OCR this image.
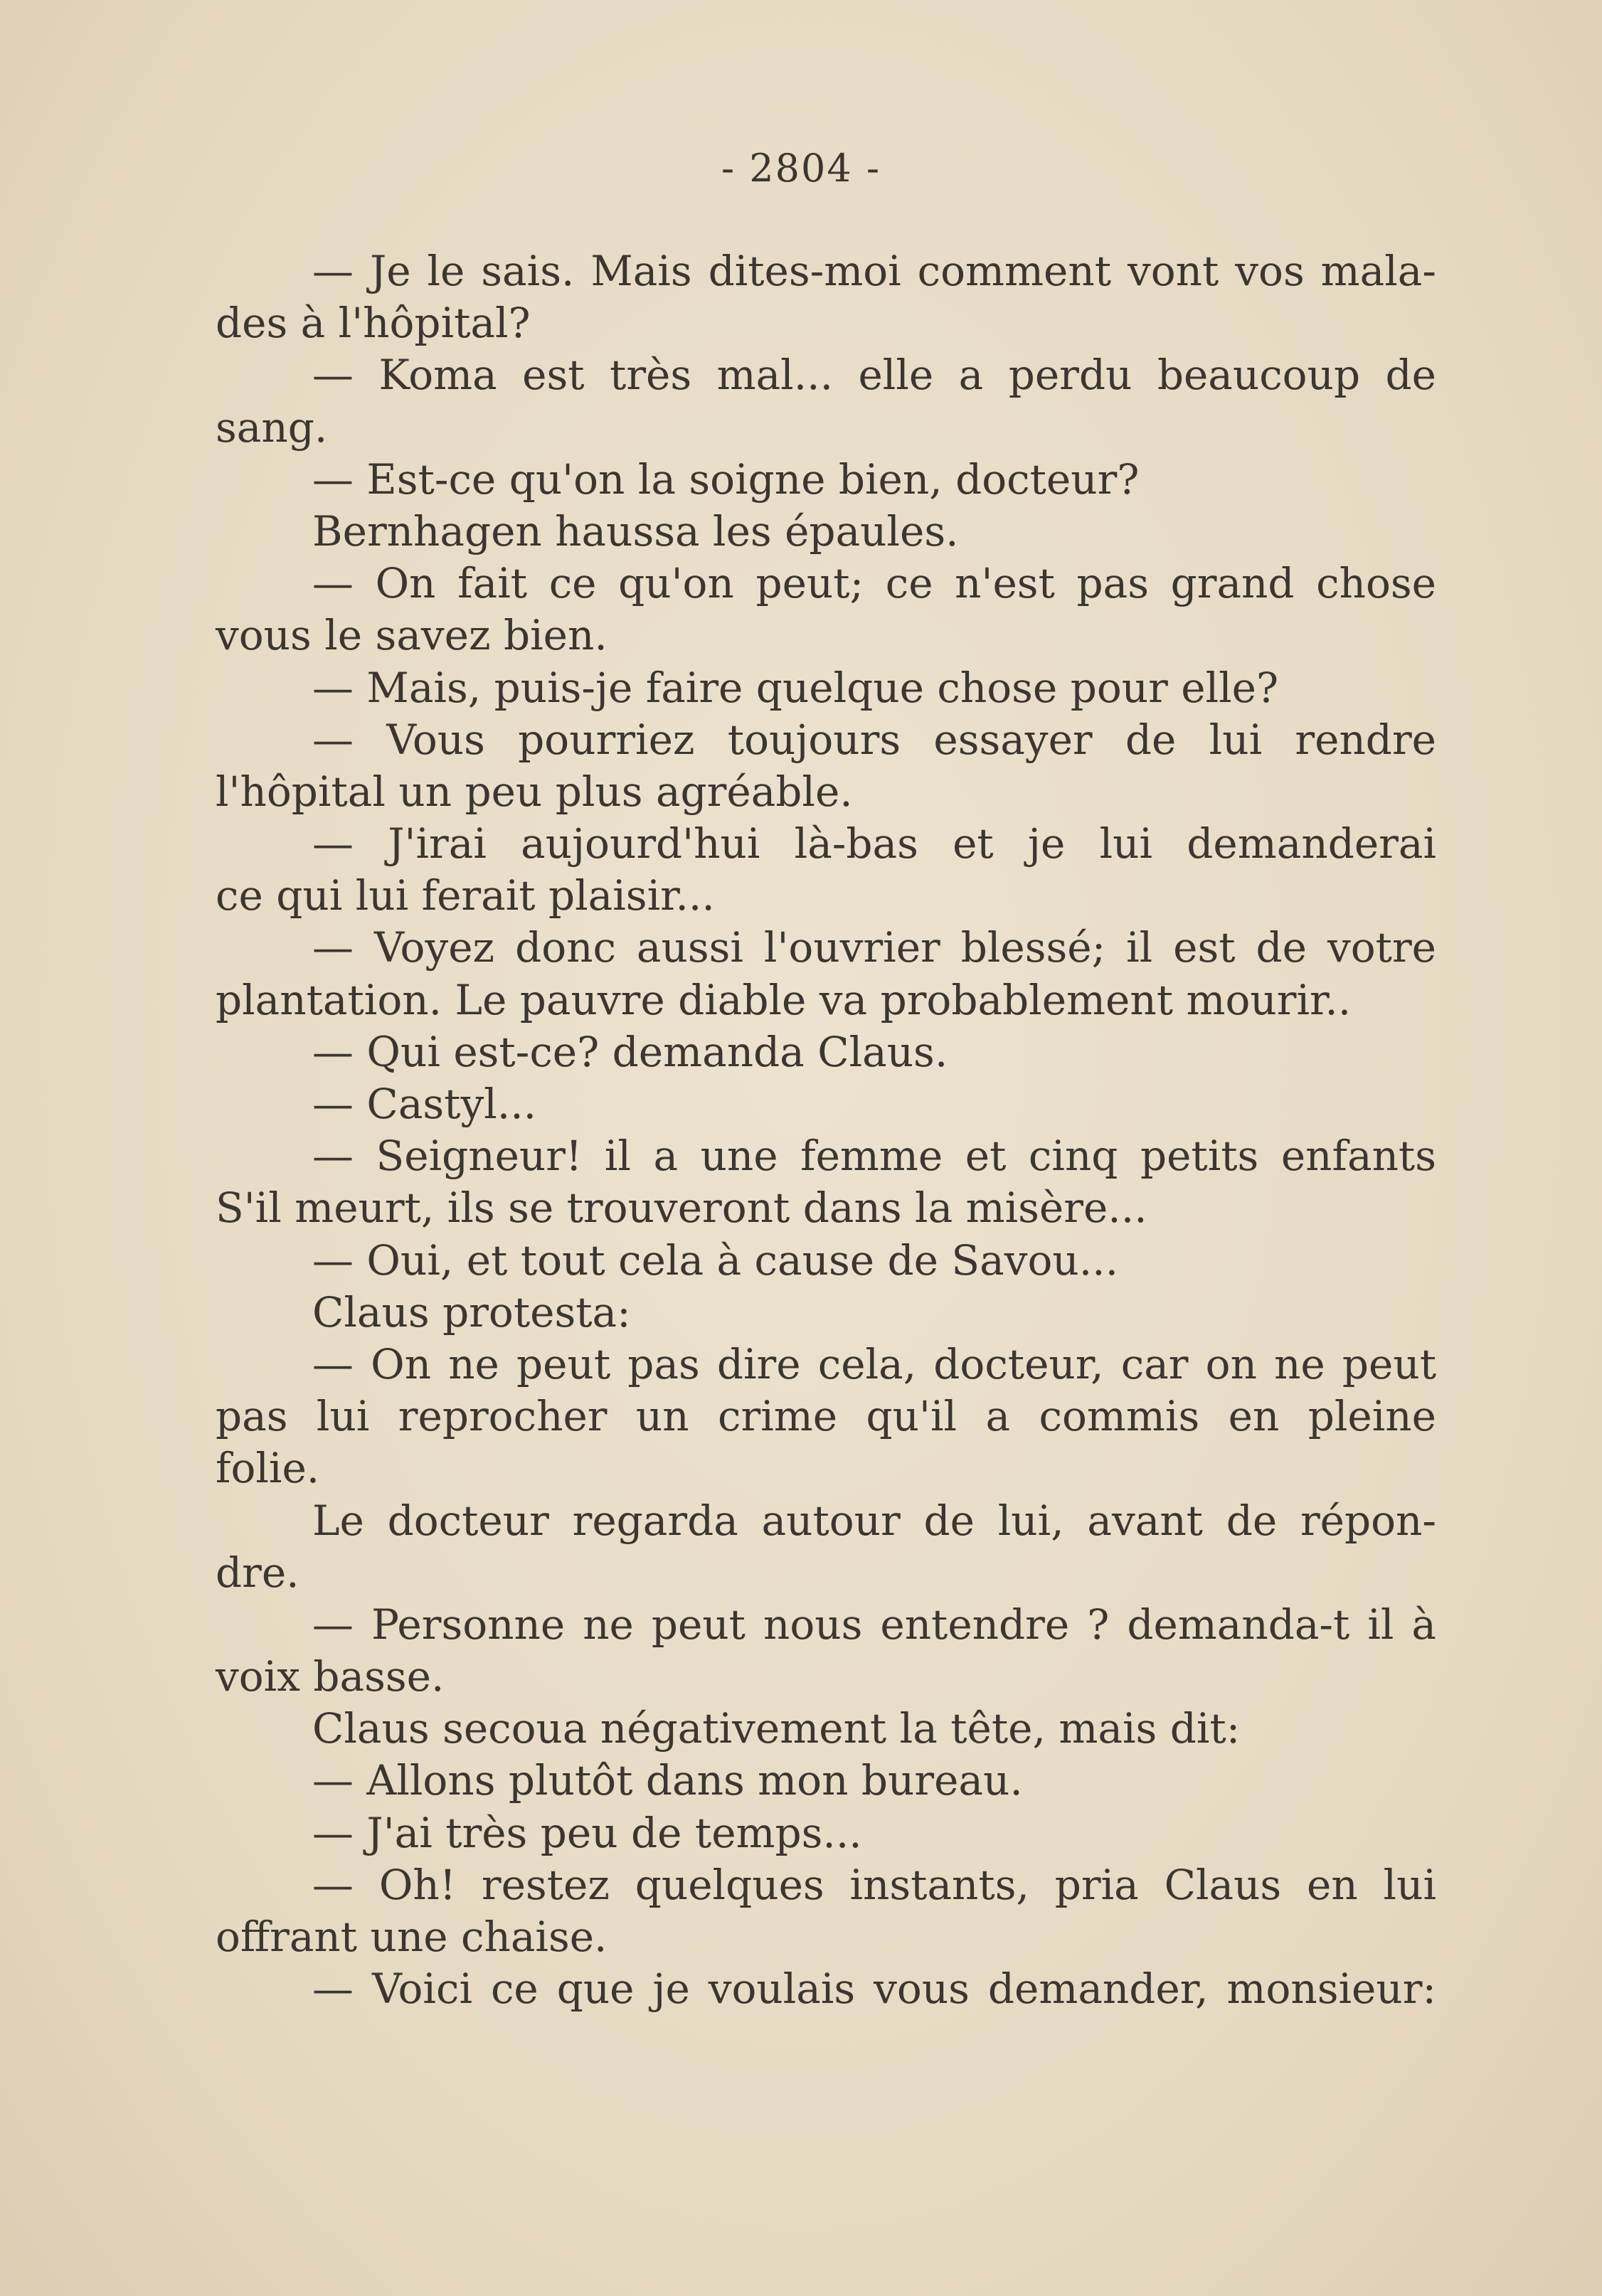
- 2804 -
— Je le sais. Mais dites-moi comment vont vos mala-
des à l'hôpital?
— Koma est très mal... elle a perdu beaucoup de
sang.
— Est-ce qu'on la soigne bien, docteur?
Bernhagen haussa les épaules.
— On fait ce qu'on peut; ce n'est pas grand chose
vous le savez bien.
— Mais, puis-je faire quelque chose pour elle?
— Vous pourriez toujours essayer de lui rendre
l'hôpital un peu plus agréable.
— J'irai aujourd'hui là-bas et je lui demanderai
ce qui lui ferait plaisir...
— Voyez donc aussi l'ouvrier blessé; il est de votre
plantation. Le pauvre diable va probablement mourir..
— Qui est-ce? demanda Claus.
— Castyl...
— Seigneur! il a une femme et cinq petits enfants
S'il meurt, ils se trouveront dans la misère...
— Oui, et tout cela à cause de Savou...
Claus protesta:
— On ne peut pas dire cela, docteur, car on ne peut
pas lui reprocher un crime qu'il a commis en pleine
folie.
Le docteur regarda autour de lui, avant de répon-
dre.
— Personne ne peut nous entendre ? demanda-t il à
voix basse.
Claus secoua négativement la tête, mais dit:
— Allons plutôt dans mon bureau.
— J'ai très peu de temps...
— Oh! restez quelques instants, pria Claus en lui
offrant une chaise.
— Voici ce que je voulais vous demander, monsieur:
